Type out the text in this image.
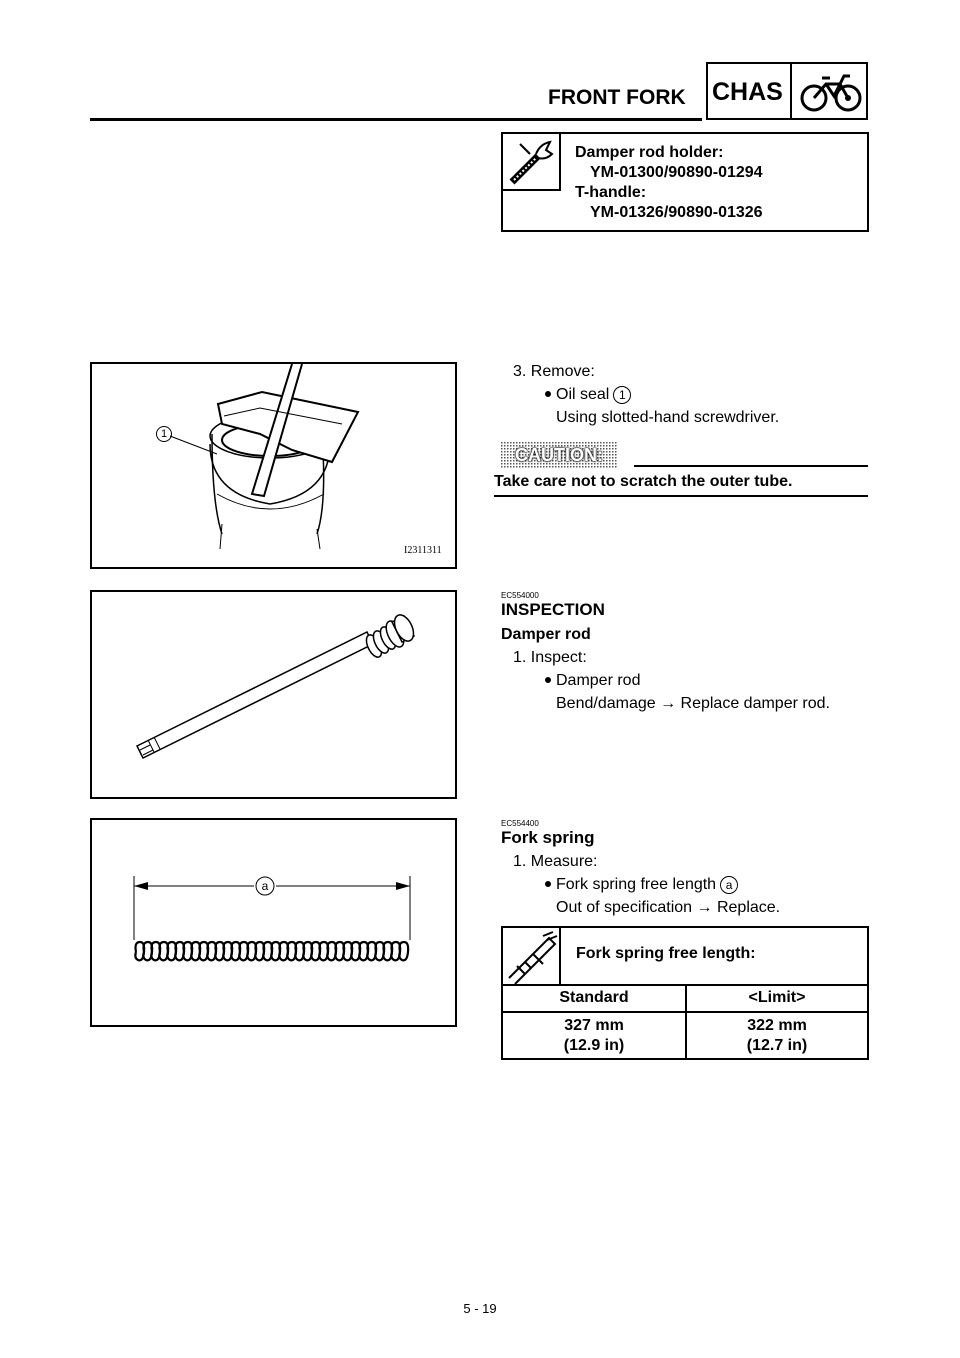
FRONT FORK CHAS
Damper rod holder:
YM-01300/90890-01294
T-handle:
YM-01326/90890-01326
1
I2311311
3. Remove:
Oil seal 1
Using slotted-hand screwdriver.
CAUTION:
Take care not to scratch the outer tube.
EC554000
INSPECTION
Damper rod
1. Inspect:
Damper rod
Bend/damage → Replace damper rod.
a
EC554400
Fork spring
1. Measure:
Fork spring free length a
Out of specification → Replace.
Fork spring free length:
Standard	<Limit>
327 mm
(12.9 in)
322 mm
(12.7 in)
5 - 19
